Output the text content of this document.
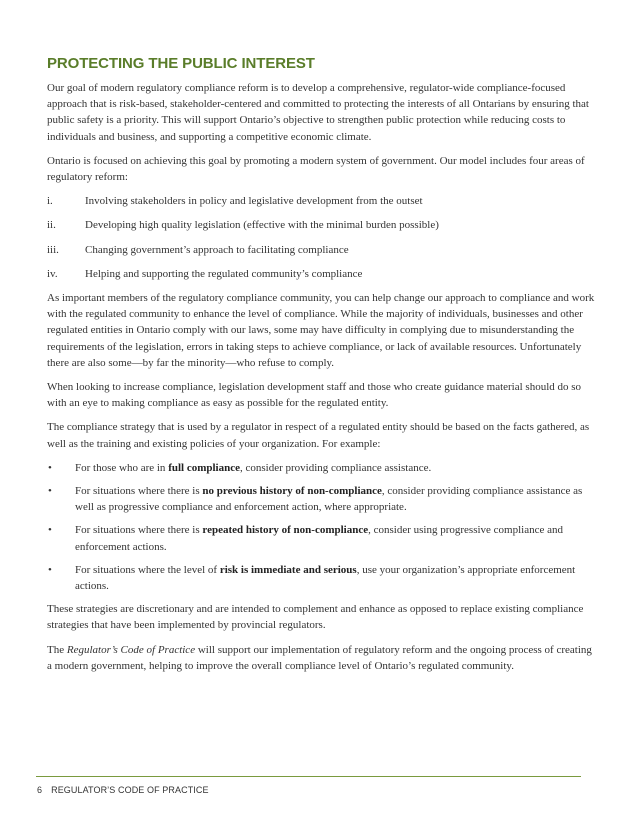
PROTECTING THE PUBLIC INTEREST

Our goal of modern regulatory compliance reform is to develop a comprehensive, regulator-wide compliance-focused approach that is risk-based, stakeholder-centered and committed to protecting the interests of all Ontarians by ensuring that public safety is a priority. This will support Ontario’s objective to strengthen public protection while reducing costs to individuals and business, and supporting a competitive economic climate.

Ontario is focused on achieving this goal by promoting a modern system of government. Our model includes four areas of regulatory reform:

i.	Involving stakeholders in policy and legislative development from the outset
ii.	Developing high quality legislation (effective with the minimal burden possible)
iii.	Changing government’s approach to facilitating compliance
iv.	Helping and supporting the regulated community’s compliance

As important members of the regulatory compliance community, you can help change our approach to compliance and work with the regulated community to enhance the level of compliance. While the majority of individuals, businesses and other regulated entities in Ontario comply with our laws, some may have difficulty in complying due to misunderstanding the requirements of the legislation, errors in taking steps to achieve compliance, or lack of available resources. Unfortunately there are also some—by far the minority—who refuse to comply.

When looking to increase compliance, legislation development staff and those who create guidance material should do so with an eye to making compliance as easy as possible for the regulated entity.

The compliance strategy that is used by a regulator in respect of a regulated entity should be based on the facts gathered, as well as the training and existing policies of your organization. For example:

•	For those who are in full compliance, consider providing compliance assistance.
•	For situations where there is no previous history of non-compliance, consider providing compliance assistance as well as progressive compliance and enforcement action, where appropriate.
•	For situations where there is repeated history of non-compliance, consider using progressive compliance and enforcement actions.
•	For situations where the level of risk is immediate and serious, use your organization’s appropriate enforcement actions.

These strategies are discretionary and are intended to complement and enhance as opposed to replace existing compliance strategies that have been implemented by provincial regulators.

The Regulator’s Code of Practice will support our implementation of regulatory reform and the ongoing process of creating a modern government, helping to improve the overall compliance level of Ontario’s regulated community.

6 REGULATOR’S CODE OF PRACTICE
